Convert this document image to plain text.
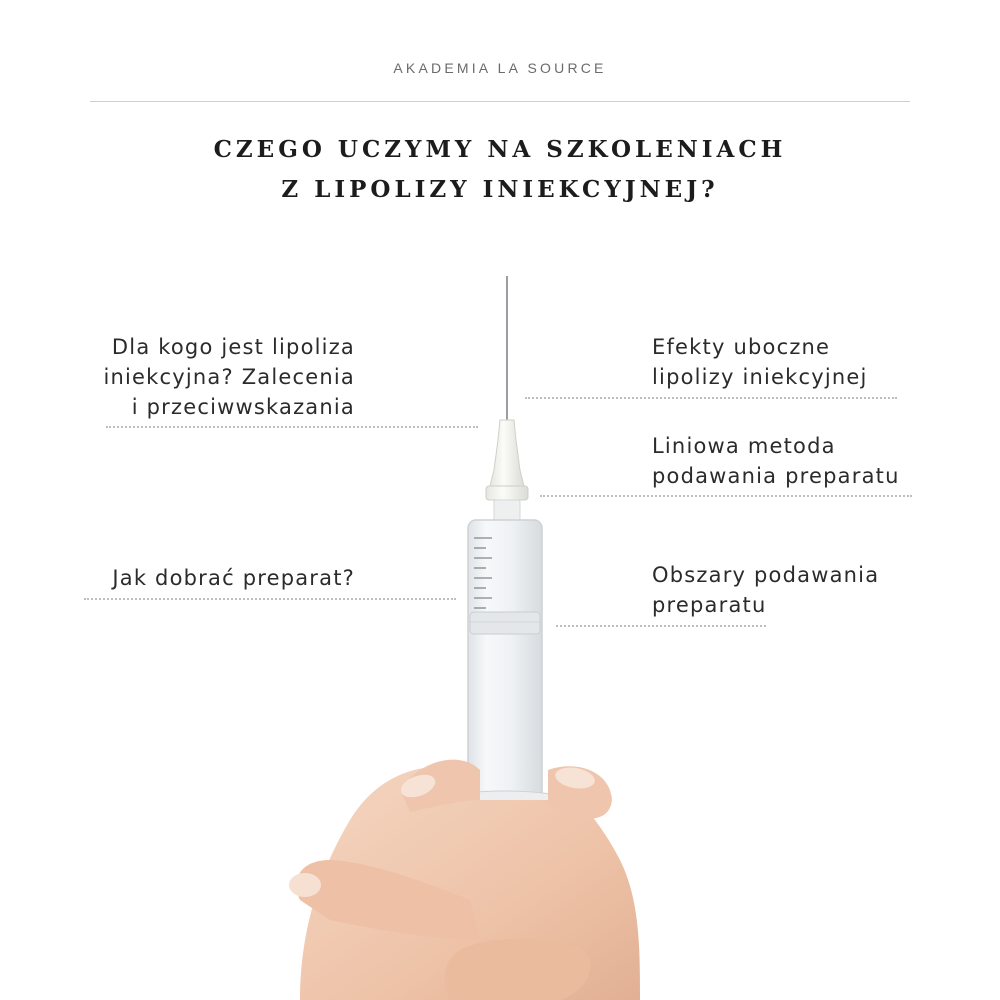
AKADEMIA LA SOURCE
CZEGO UCZYMY NA SZKOLENIACH
Z LIPOLIZY INIEKCYJNEJ?
Dla kogo jest lipoliza
iniekcyjna? Zalecenia
i przeciwwskazania
Jak dobrać preparat?
Efekty uboczne
lipolizy iniekcyjnej
Liniowa metoda
podawania preparatu
Obszary podawania
preparatu
